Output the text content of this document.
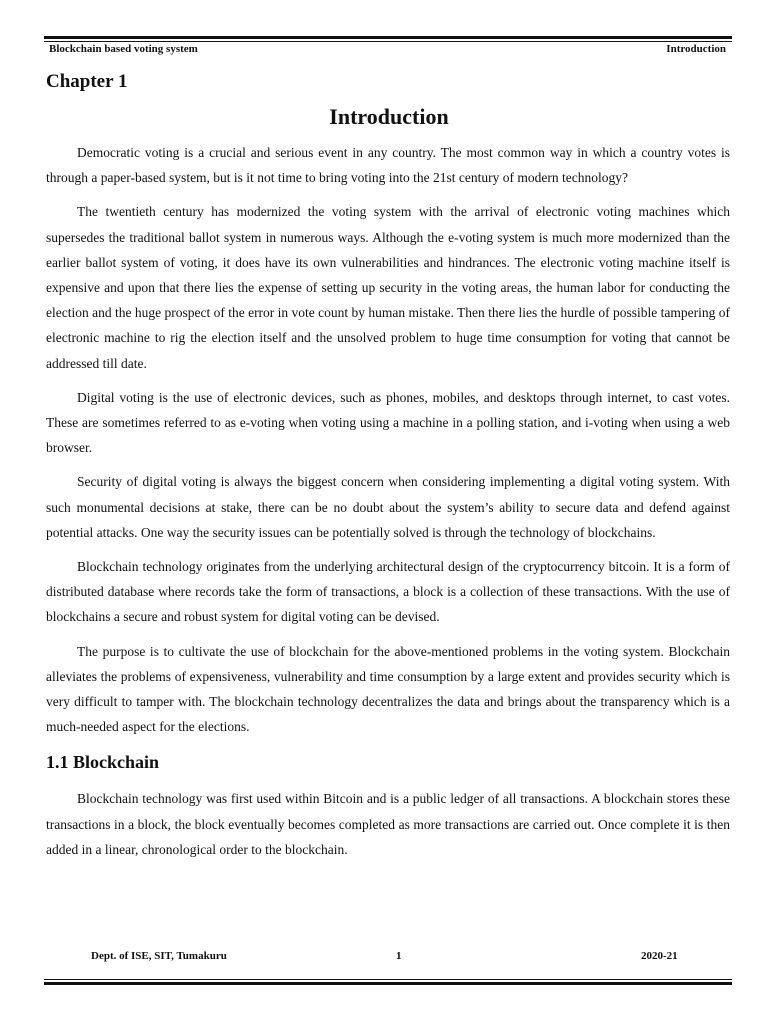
Blockchain based voting system	Introduction
Chapter 1
Introduction

Democratic voting is a crucial and serious event in any country. The most common way in which a country votes is through a paper-based system, but is it not time to bring voting into the 21st century of modern technology?

The twentieth century has modernized the voting system with the arrival of electronic voting machines which supersedes the traditional ballot system in numerous ways. Although the e-voting system is much more modernized than the earlier ballot system of voting, it does have its own vulnerabilities and hindrances. The electronic voting machine itself is expensive and upon that there lies the expense of setting up security in the voting areas, the human labor for conducting the election and the huge prospect of the error in vote count by human mistake. Then there lies the hurdle of possible tampering of electronic machine to rig the election itself and the unsolved problem to huge time consumption for voting that cannot be addressed till date.

Digital voting is the use of electronic devices, such as phones, mobiles, and desktops through internet, to cast votes. These are sometimes referred to as e-voting when voting using a machine in a polling station, and i-voting when using a web browser.

Security of digital voting is always the biggest concern when considering implementing a digital voting system. With such monumental decisions at stake, there can be no doubt about the system’s ability to secure data and defend against potential attacks. One way the security issues can be potentially solved is through the technology of blockchains.

Blockchain technology originates from the underlying architectural design of the cryptocurrency bitcoin. It is a form of distributed database where records take the form of transactions, a block is a collection of these transactions. With the use of blockchains a secure and robust system for digital voting can be devised.

The purpose is to cultivate the use of blockchain for the above-mentioned problems in the voting system. Blockchain alleviates the problems of expensiveness, vulnerability and time consumption by a large extent and provides security which is very difficult to tamper with. The blockchain technology decentralizes the data and brings about the transparency which is a much-needed aspect for the elections.

1.1 Blockchain

Blockchain technology was first used within Bitcoin and is a public ledger of all transactions. A blockchain stores these transactions in a block, the block eventually becomes completed as more transactions are carried out. Once complete it is then added in a linear, chronological order to the blockchain.

Dept. of ISE, SIT, Tumakuru	1	2020-21
